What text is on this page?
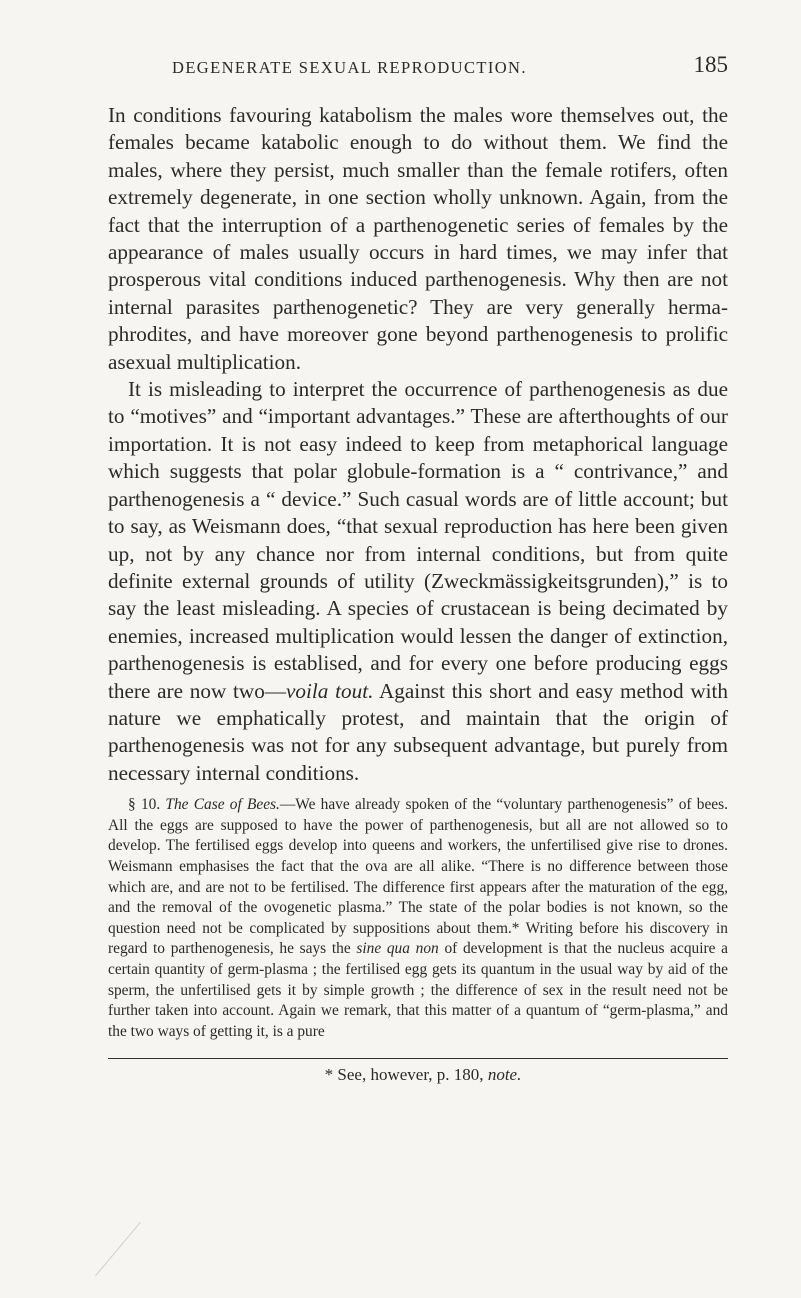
DEGENERATE SEXUAL REPRODUCTION.	185

In conditions favouring katabolism the males wore themselves out, the females became katabolic enough to do without them. We find the males, where they persist, much smaller than the female rotifers, often extremely degenerate, in one section wholly unknown. Again, from the fact that the interruption of a parthenogenetic series of females by the appearance of males usually occurs in hard times, we may infer that prosperous vital conditions induced parthenogenesis. Why then are not internal parasites parthenogenetic? They are very generally hermaphrodites, and have moreover gone beyond parthenogenesis to prolific asexual multiplication.

It is misleading to interpret the occurrence of parthenogenesis as due to “motives” and “important advantages.” These are afterthoughts of our importation. It is not easy indeed to keep from metaphorical language which suggests that polar globule-formation is a “ contrivance,” and parthenogenesis a “ device.” Such casual words are of little account; but to say, as Weismann does, “that sexual reproduction has here been given up, not by any chance nor from internal conditions, but from quite definite external grounds of utility (Zweckmässigkeitsgrunden),” is to say the least misleading. A species of crustacean is being decimated by enemies, increased multiplication would lessen the danger of extinction, parthenogenesis is establised, and for every one before producing eggs there are now two—voila tout. Against this short and easy method with nature we emphatically protest, and maintain that the origin of parthenogenesis was not for any subsequent advantage, but purely from necessary internal conditions.

§ 10. The Case of Bees.—We have already spoken of the “voluntary parthenogenesis” of bees. All the eggs are supposed to have the power of parthenogenesis, but all are not allowed so to develop. The fertilised eggs develop into queens and workers, the unfertilised give rise to drones. Weismann emphasises the fact that the ova are all alike. “There is no difference between those which are, and are not to be fertilised. The difference first appears after the maturation of the egg, and the removal of the ovogenetic plasma.” The state of the polar bodies is not known, so the question need not be complicated by suppositions about them.* Writing before his discovery in regard to parthenogenesis, he says the sine qua non of development is that the nucleus acquire a certain quantity of germ-plasma ; the fertilised egg gets its quantum in the usual way by aid of the sperm, the unfertilised gets it by simple growth ; the difference of sex in the result need not be further taken into account. Again we remark, that this matter of a quantum of “germ-plasma,” and the two ways of getting it, is a pure

* See, however, p. 180, note.
